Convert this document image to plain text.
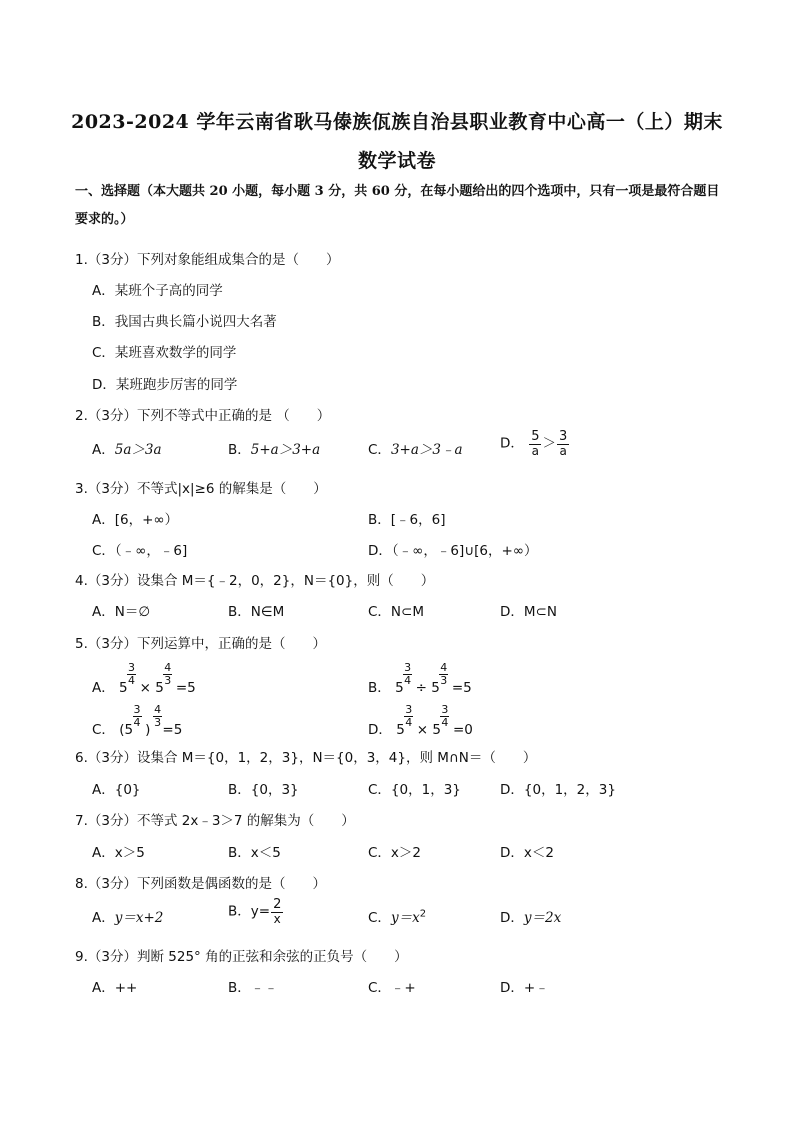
2023-2024 学年云南省耿马傣族佤族自治县职业教育中心高一（上）期末
数学试卷
一、选择题（本大题共 20 小题，每小题 3 分，共 60 分，在每小题给出的四个选项中，只有一项是最符合题目要求的。）
1.（3分）下列对象能组成集合的是（　　）
A．某班个子高的同学
B．我国古典长篇小说四大名著
C．某班喜欢数学的同学
D．某班跑步厉害的同学
2.（3分）下列不等式中正确的是 （　　）
A．5a＞3a	B．5+a＞3+a	C．3+a＞3﹣a	D． $\frac{5}{a} > \frac{3}{a}$
3.（3分）不等式|x|≥6 的解集是（　　）
A．[6，+∞）	B．[﹣6，6]
C．（﹣∞，﹣6]	D．（﹣∞，﹣6]∪[6，+∞）
4.（3分）设集合 M＝{﹣2，0，2}，N＝{0}，则（　　）
A．N＝∅	B．N∈M	C．N⊂M	D．M⊂N
5.（3分）下列运算中，正确的是（　　）
A． 5
3
4 × 5
4
3 =5	B． 5
3
4 ÷ 5
4
3 =5
C． (5
3
4 )
4
3 =5	D． 5
3
4 × 5
3
4 =0
6.（3分）设集合 M＝{0，1，2，3}，N＝{0，3，4}，则 M∩N＝（　　）
A．{0}	B．{0，3}	C．{0，1，3}	D．{0，1，2，3}
7.（3分）不等式 2x﹣3＞7 的解集为（　　）
A．x＞5	B．x＜5	C．x＞2	D．x＜2
8.（3分）下列函数是偶函数的是（　　）
A．y＝x+2	B．$y= \frac{2}{x}$	C．$y=x^2$	D．y＝2x
9.（3分）判断 525° 角的正弦和余弦的正负号（　　）
A．++	B．﹣﹣	C．﹣+	D．+﹣
